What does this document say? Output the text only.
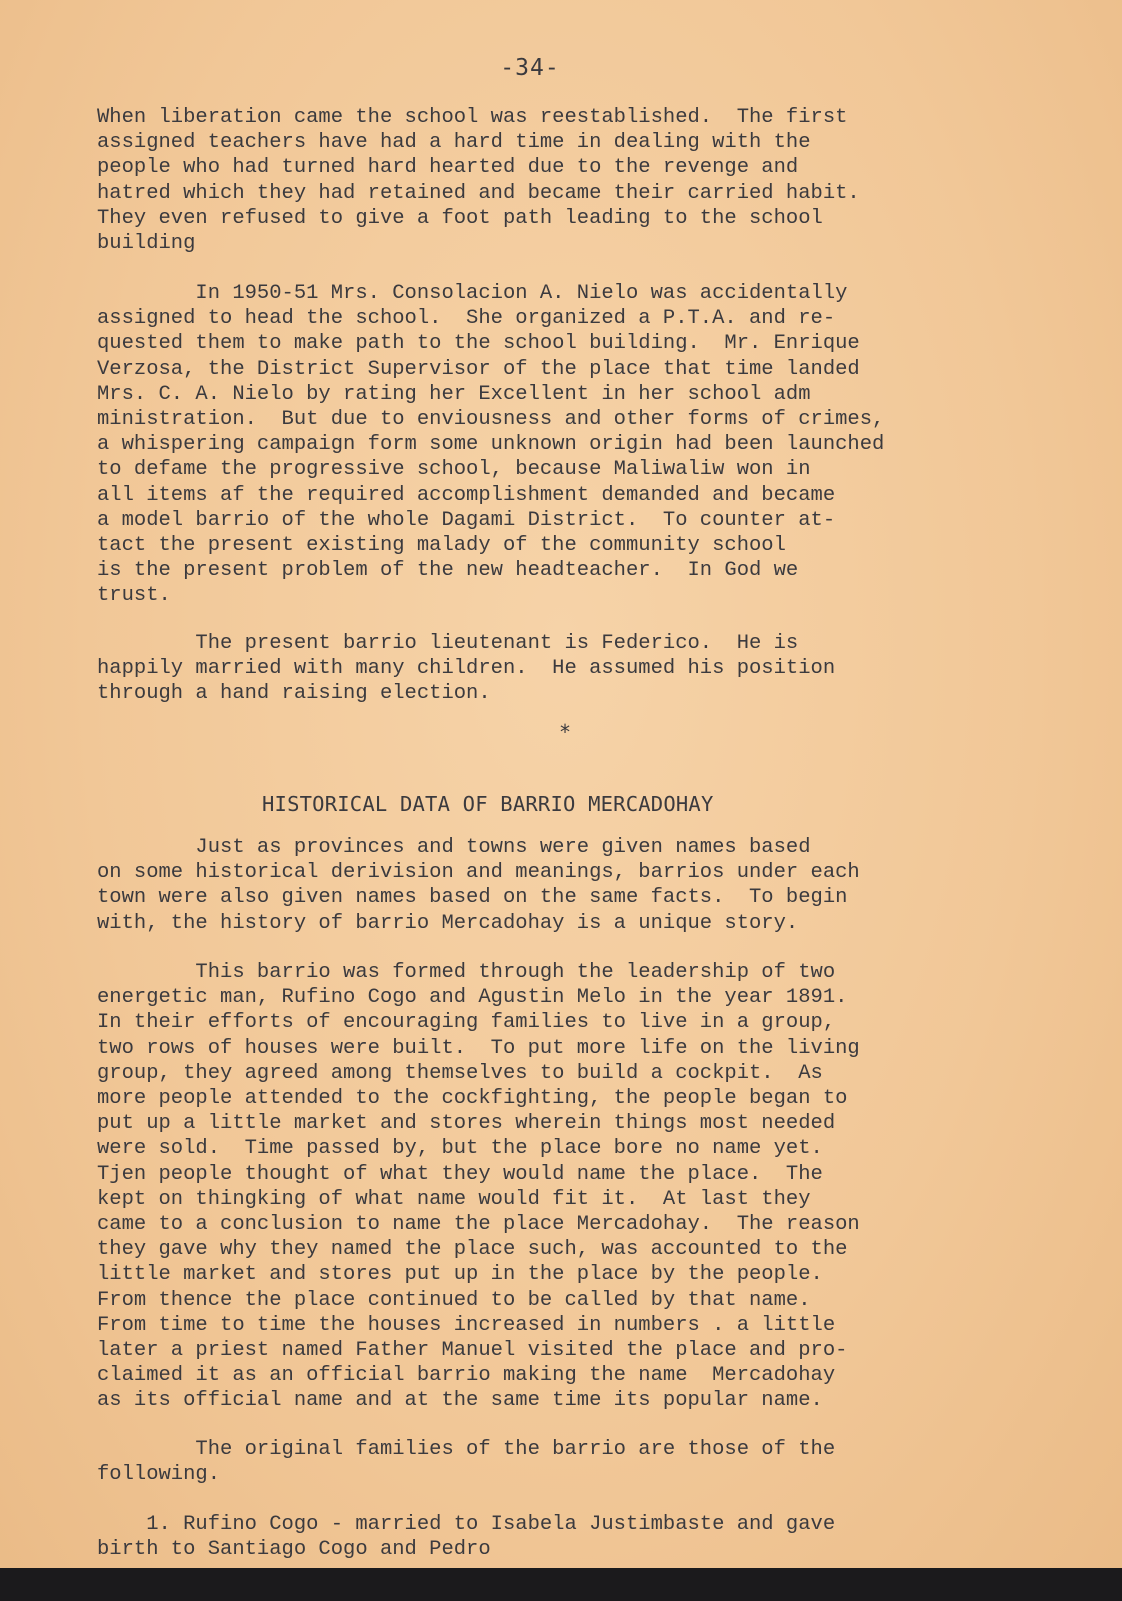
-34-
When liberation came the school was reestablished.  The first
assigned teachers have had a hard time in dealing with the
people who had turned hard hearted due to the revenge and
hatred which they had retained and became their carried habit.
They even refused to give a foot path leading to the school
building
In 1950-51 Mrs. Consolacion A. Nielo was accidentally
assigned to head the school.  She organized a P.T.A. and re-
quested them to make path to the school building.  Mr. Enrique
Verzosa, the District Supervisor of the place that time landed
Mrs. C. A. Nielo by rating her Excellent in her school adm
ministration.  But due to enviousness and other forms of crimes,
a whispering campaign form some unknown origin had been launched
to defame the progressive school, because Maliwaliw won in
all items af the required accomplishment demanded and became
a model barrio of the whole Dagami District.  To counter at-
tact the present existing malady of the community school
is the present problem of the new headteacher.  In God we
trust.
The present barrio lieutenant is Federico.  He is
happily married with many children.  He assumed his position
through a hand raising election.
*
HISTORICAL DATA OF BARRIO MERCADOHAY
Just as provinces and towns were given names based
on some historical derivision and meanings, barrios under each
town were also given names based on the same facts.  To begin
with, the history of barrio Mercadohay is a unique story.
This barrio was formed through the leadership of two
energetic man, Rufino Cogo and Agustin Melo in the year 1891.
In their efforts of encouraging families to live in a group,
two rows of houses were built.  To put more life on the living
group, they agreed among themselves to build a cockpit.  As
more people attended to the cockfighting, the people began to
put up a little market and stores wherein things most needed
were sold.  Time passed by, but the place bore no name yet.
Tjen people thought of what they would name the place.  The
kept on thingking of what name would fit it.  At last they
came to a conclusion to name the place Mercadohay.  The reason
they gave why they named the place such, was accounted to the
little market and stores put up in the place by the people.
From thence the place continued to be called by that name.
From time to time the houses increased in numbers . a little
later a priest named Father Manuel visited the place and pro-
claimed it as an official barrio making the name  Mercadohay
as its official name and at the same time its popular name.
The original families of the barrio are those of the
following.
1. Rufino Cogo - married to Isabela Justimbaste and gave
birth to Santiago Cogo and Pedro
